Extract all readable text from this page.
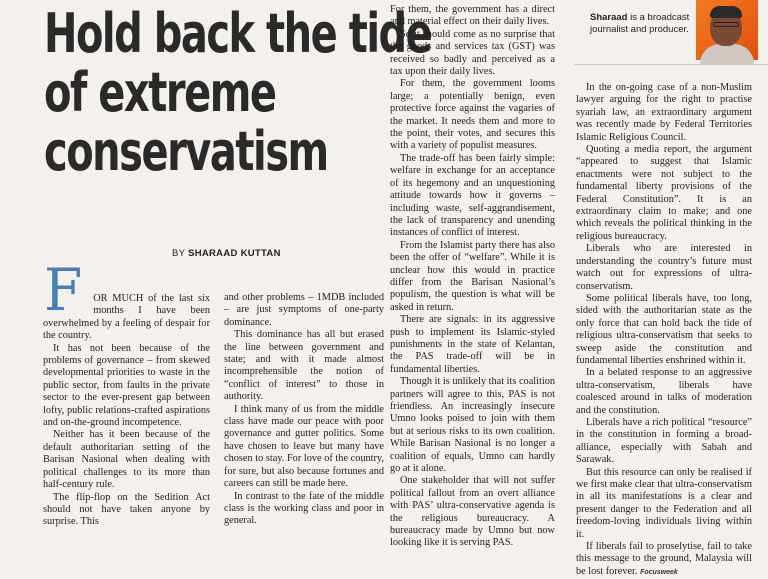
Hold back the tide
of extreme
conservatism
BY SHARAAD KUTTAN
Sharaad is a broadcast journalist and producer.
F	OR MUCH of the last six months I have been overwhelmed by a feeling of despair for the country.

It has not been because of the problems of governance – from skewed developmental priorities to waste in the public sector, from faults in the private sector to the ever-present gap between lofty, public relations-crafted aspirations and on-the-ground incompetence.

Neither has it been because of the default authoritarian setting of the Barisan Nasional when dealing with political challenges to its more than half-century rule.

The flip-flop on the Sedition Act should not have taken anyone by surprise. This

and other problems – 1MDB included – are just symptoms of one-party dominance.

This dominance has all but erased the line between government and state; and with it made almost incomprehensible the notion of “conflict of interest” to those in authority.

I think many of us from the middle class have made our peace with poor governance and gutter politics. Some have chosen to leave but many have chosen to stay. For love of the country, for sure, but also because fortunes and careers can still be made here.

In contrast to the fate of the middle class is the working class and poor in general.

For them, the government has a direct and material effect on their daily lives.

So it should come as no surprise that the goods and services tax (GST) was received so badly and perceived as a tax upon their daily lives.

For them, the government looms large; a potentially benign, even protective force against the vagaries of the market. It needs them and more to the point, their votes, and secures this with a variety of populist measures.

The trade-off has been fairly simple: welfare in exchange for an acceptance of its hegemony and an unquestioning attitude towards how it governs – including waste, self-aggrandisement, the lack of transparency and unending instances of conflict of interest.

From the Islamist party there has also been the offer of “welfare”. While it is unclear how this would in practice differ from the Barisan Nasional’s populism, the question is what will be asked in return.

There are signals: in its aggressive push to implement its Islamic-styled punishments in the state of Kelantan, the PAS trade-off will be in fundamental liberties.

Though it is unlikely that its coalition partners will agree to this, PAS is not friendless. An increasingly insecure Umno looks poised to join with them but at serious risks to its own coalition. While Barisan Nasional is no longer a coalition of equals, Umno can hardly go at it alone.

One stakeholder that will not suffer political fallout from an overt alliance with PAS’ ultra-conservative agenda is the religious bureaucracy. A bureaucracy made by Umno but now looking like it is serving PAS.

In the on-going case of a non-Muslim lawyer arguing for the right to practise syariah law, an extraordinary argument was recently made by Federal Territories Islamic Religious Council.

Quoting a media report, the argument “appeared to suggest that Islamic enactments were not subject to the fundamental liberty provisions of the Federal Constitution”. It is an extraordinary claim to make; and one which reveals the political thinking in the religious bureaucracy.

Liberals who are interested in understanding the country’s future must watch out for expressions of ultra-conservatism.

Some political liberals have, too long, sided with the authoritarian state as the only force that can hold back the tide of religious ultra-conservatism that seeks to sweep aside the constitution and fundamental liberties enshrined within it.

In a belated response to an aggressive ultra-conservatism, liberals have coalesced around in talks of moderation and the constitution.

Liberals have a rich political “resource” in the constitution in forming a broad-alliance, especially with Sabah and Sarawak.

But this resource can only be realised if we first make clear that ultra-conservatism in all its manifestations is a clear and present danger to the Federation and all freedom-loving individuals living within it.

If liberals fail to proselytise, fail to take this message to the ground, Malaysia will be lost forever. Focusweek
